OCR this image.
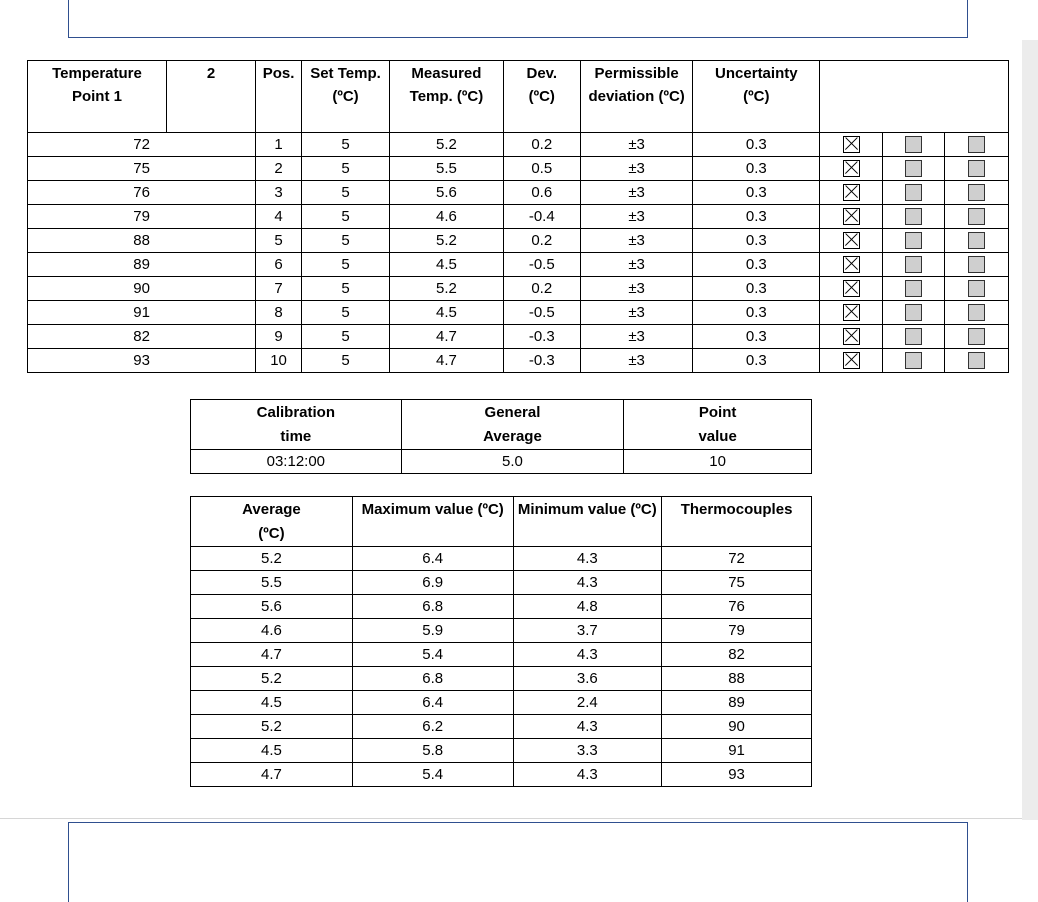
Temperature Point 1	2	Pos.	Set Temp. (ºC)	Measured Temp. (ºC)	Dev. (ºC)	Permissible deviation (ºC)	Uncertainty (ºC)			
72		1	5	5.2	0.2	±3	0.3			
75		2	5	5.5	0.5	±3	0.3			
76		3	5	5.6	0.6	±3	0.3			
79		4	5	4.6	-0.4	±3	0.3			
88		5	5	5.2	0.2	±3	0.3			
89		6	5	4.5	-0.5	±3	0.3			
90		7	5	5.2	0.2	±3	0.3			
91		8	5	4.5	-0.5	±3	0.3			
82		9	5	4.7	-0.3	±3	0.3			
93		10	5	4.7	-0.3	±3	0.3			
Calibration time	General Average	Point value
03:12:00	5.0	10
Average (ºC)	Maximum value (ºC)	Minimum value (ºC)	Thermocouples
5.2	6.4	4.3	72
5.5	6.9	4.3	75
5.6	6.8	4.8	76
4.6	5.9	3.7	79
4.7	5.4	4.3	82
5.2	6.8	3.6	88
4.5	6.4	2.4	89
5.2	6.2	4.3	90
4.5	5.8	3.3	91
4.7	5.4	4.3	93
